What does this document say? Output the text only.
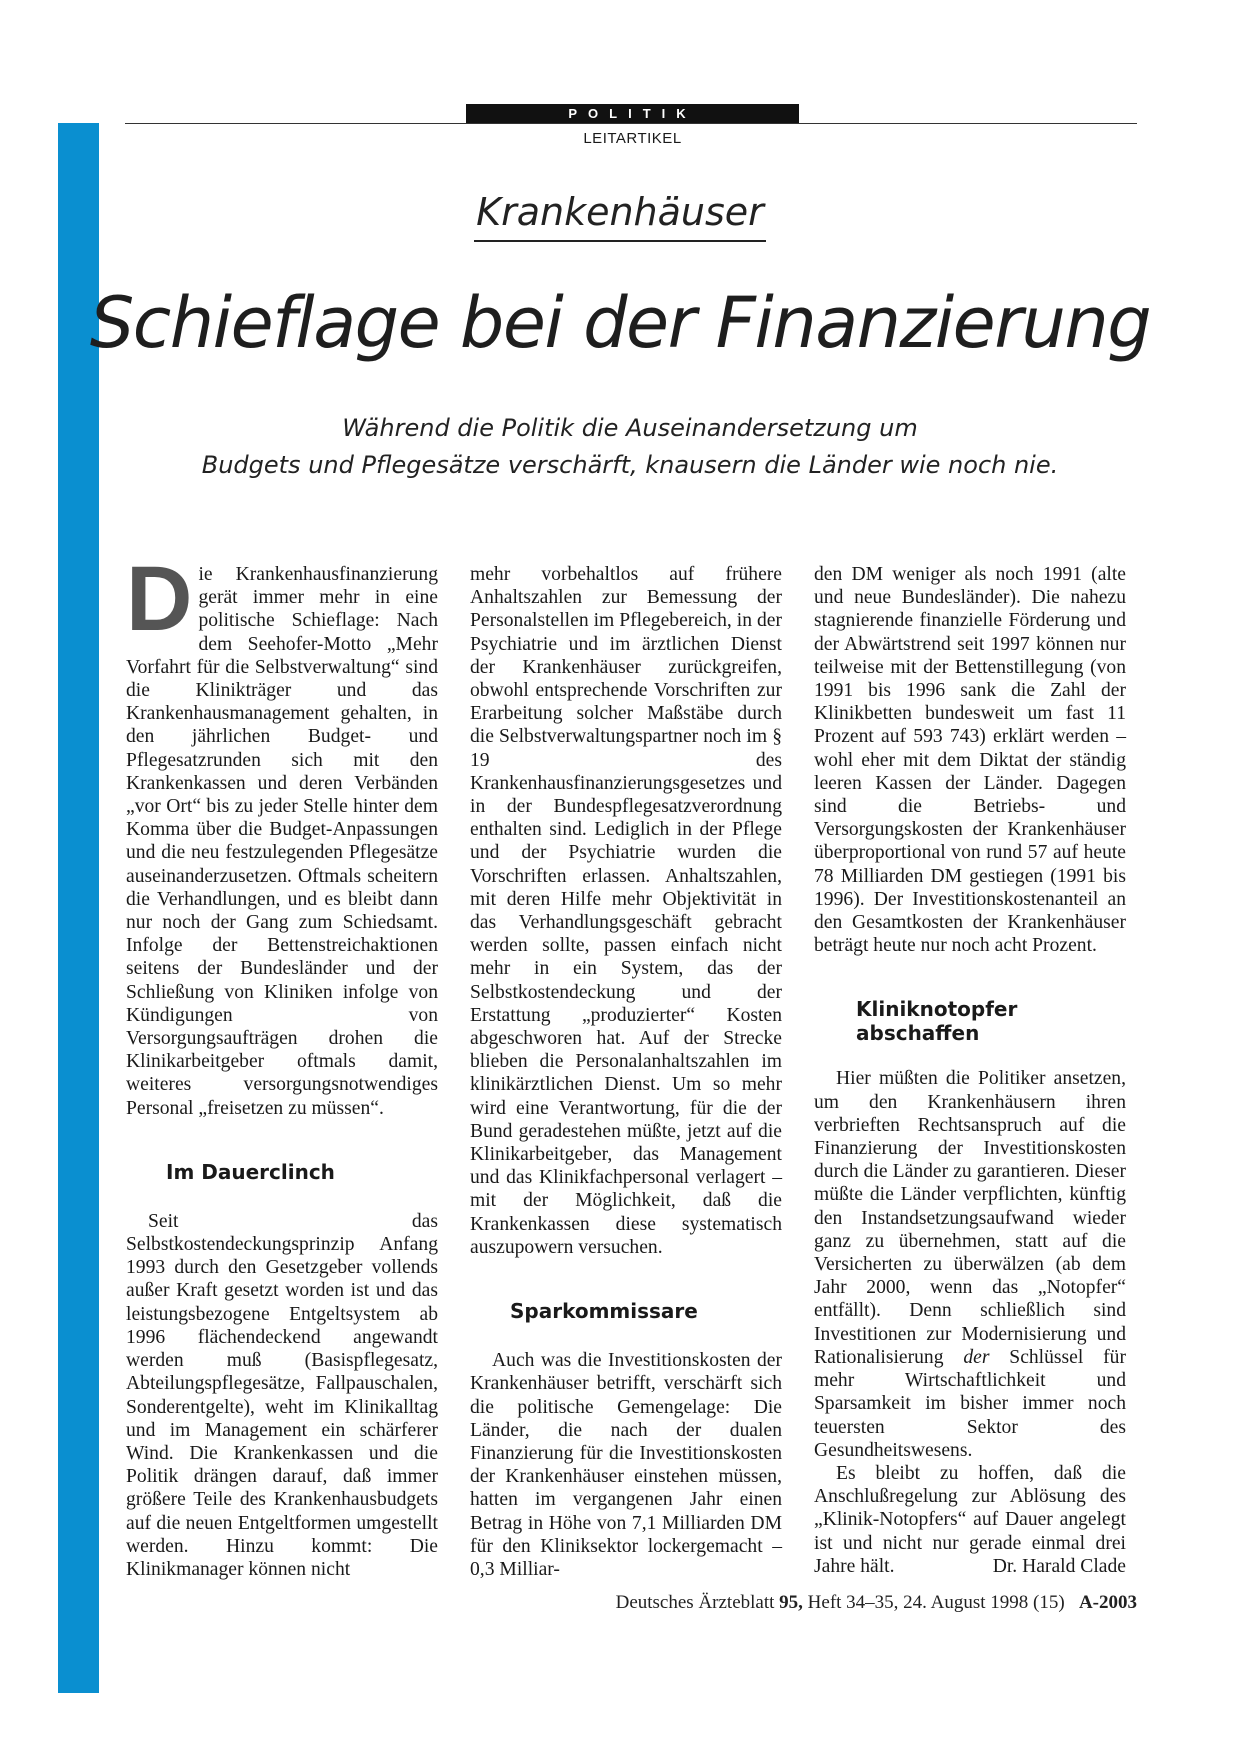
POLITIK
LEITARTIKEL
Krankenhäuser
Schieflage bei der Finanzierung
Während die Politik die Auseinandersetzung um
Budgets und Pflegesätze verschärft, knausern die Länder wie noch nie.

Die Krankenhausfinanzierung gerät immer mehr in eine politische Schieflage: Nach dem Seehofer-Motto „Mehr Vorfahrt für die Selbstverwaltung“ sind die Klinikträger und das Krankenhausmanagement gehalten, in den jährlichen Budget- und Pflegesatzrunden sich mit den Krankenkassen und deren Verbänden „vor Ort“ bis zu jeder Stelle hinter dem Komma über die Budget-Anpassungen und die neu festzulegenden Pflegesätze auseinanderzusetzen. Oftmals scheitern die Verhandlungen, und es bleibt dann nur noch der Gang zum Schiedsamt. Infolge der Bettenstreichaktionen seitens der Bundesländer und der Schließung von Kliniken infolge von Kündigungen von Versorgungsaufträgen drohen die Klinikarbeitgeber oftmals damit, weiteres versorgungsnotwendiges Personal „freisetzen zu müssen“.

Im Dauerclinch

Seit das Selbstkostendeckungsprinzip Anfang 1993 durch den Gesetzgeber vollends außer Kraft gesetzt worden ist und das leistungsbezogene Entgeltsystem ab 1996 flächendeckend angewandt werden muß (Basispflegesatz, Abteilungspflegesätze, Fallpauschalen, Sonderentgelte), weht im Klinikalltag und im Management ein schärferer Wind. Die Krankenkassen und die Politik drängen darauf, daß immer größere Teile des Krankenhausbudgets auf die neuen Entgeltformen umgestellt werden. Hinzu kommt: Die Klinikmanager können nicht

mehr vorbehaltlos auf frühere Anhaltszahlen zur Bemessung der Personalstellen im Pflegebereich, in der Psychiatrie und im ärztlichen Dienst der Krankenhäuser zurückgreifen, obwohl entsprechende Vorschriften zur Erarbeitung solcher Maßstäbe durch die Selbstverwaltungspartner noch im § 19 des Krankenhausfinanzierungsgesetzes und in der Bundespflegesatzverordnung enthalten sind. Lediglich in der Pflege und der Psychiatrie wurden die Vorschriften erlassen. Anhaltszahlen, mit deren Hilfe mehr Objektivität in das Verhandlungsgeschäft gebracht werden sollte, passen einfach nicht mehr in ein System, das der Selbstkostendeckung und der Erstattung „produzierter“ Kosten abgeschworen hat. Auf der Strecke blieben die Personalanhaltszahlen im klinikärztlichen Dienst. Um so mehr wird eine Verantwortung, für die der Bund geradestehen müßte, jetzt auf die Klinikarbeitgeber, das Management und das Klinikfachpersonal verlagert – mit der Möglichkeit, daß die Krankenkassen diese systematisch auszupowern versuchen.

Sparkommissare

Auch was die Investitionskosten der Krankenhäuser betrifft, verschärft sich die politische Gemengelage: Die Länder, die nach der dualen Finanzierung für die Investitionskosten der Krankenhäuser einstehen müssen, hatten im vergangenen Jahr einen Betrag in Höhe von 7,1 Milliarden DM für den Kliniksektor lockergemacht – 0,3 Milliar-

den DM weniger als noch 1991 (alte und neue Bundesländer). Die nahezu stagnierende finanzielle Förderung und der Abwärtstrend seit 1997 können nur teilweise mit der Bettenstillegung (von 1991 bis 1996 sank die Zahl der Klinikbetten bundesweit um fast 11 Prozent auf 593 743) erklärt werden – wohl eher mit dem Diktat der ständig leeren Kassen der Länder. Dagegen sind die Betriebs- und Versorgungskosten der Krankenhäuser überproportional von rund 57 auf heute 78 Milliarden DM gestiegen (1991 bis 1996). Der Investitionskostenanteil an den Gesamtkosten der Krankenhäuser beträgt heute nur noch acht Prozent.

Kliniknotopfer abschaffen

Hier müßten die Politiker ansetzen, um den Krankenhäusern ihren verbrieften Rechtsanspruch auf die Finanzierung der Investitionskosten durch die Länder zu garantieren. Dieser müßte die Länder verpflichten, künftig den Instandsetzungsaufwand wieder ganz zu übernehmen, statt auf die Versicherten zu überwälzen (ab dem Jahr 2000, wenn das „Notopfer“ entfällt). Denn schließlich sind Investitionen zur Modernisierung und Rationalisierung der Schlüssel für mehr Wirtschaftlichkeit und Sparsamkeit im bisher immer noch teuersten Sektor des Gesundheitswesens.

Es bleibt zu hoffen, daß die Anschlußregelung zur Ablösung des „Klinik-Notopfers“ auf Dauer angelegt ist und nicht nur gerade einmal drei Jahre hält.	Dr. Harald Clade

Deutsches Ärzteblatt 95, Heft 34–35, 24. August 1998 (15) A-2003
